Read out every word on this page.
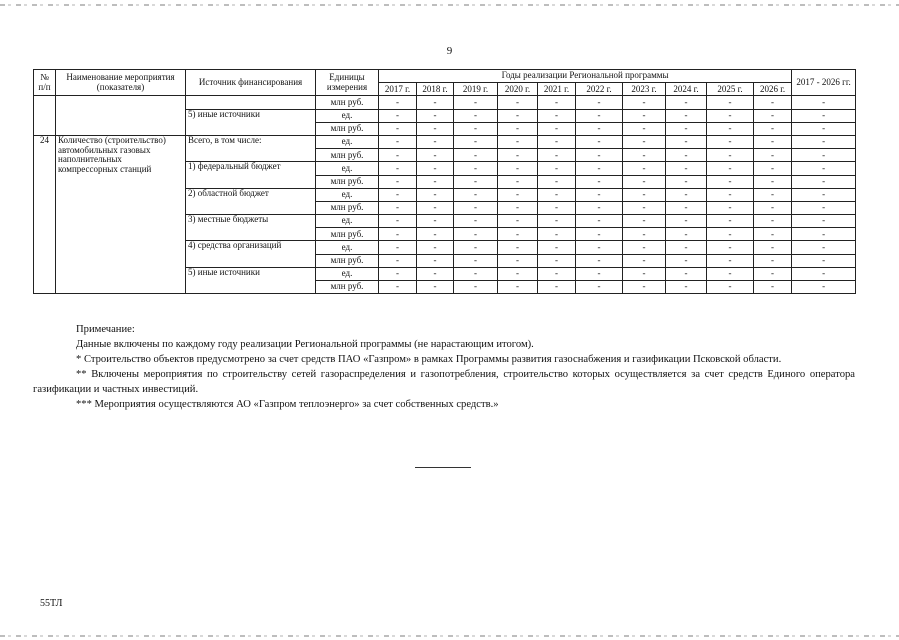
9
№ п/п	Наименование мероприятия (показателя)	Источник финансирования	Единицы измерения	Годы реализации Региональной программы										2017 - 2026 гг.
				2017 г.	2018 г.	2019 г.	2020 г.	2021 г.	2022 г.	2023 г.	2024 г.	2025 г.	2026 г.	
			млн руб.	-	-	-	-	-	-	-	-	-	-	-
		5) иные источники	ед.	-	-	-	-	-	-	-	-	-	-	-
			млн руб.	-	-	-	-	-	-	-	-	-	-	-
24	Количество (строительство) автомобильных газовых наполнительных компрессорных станций	Всего, в том числе:	ед.	-	-	-	-	-	-	-	-	-	-	-
			млн руб.	-	-	-	-	-	-	-	-	-	-	-
		1) федеральный бюджет	ед.	-	-	-	-	-	-	-	-	-	-	-
			млн руб.	-	-	-	-	-	-	-	-	-	-	-
		2) областной бюджет	ед.	-	-	-	-	-	-	-	-	-	-	-
			млн руб.	-	-	-	-	-	-	-	-	-	-	-
		3) местные бюджеты	ед.	-	-	-	-	-	-	-	-	-	-	-
			млн руб.	-	-	-	-	-	-	-	-	-	-	-
		4) средства организаций	ед.	-	-	-	-	-	-	-	-	-	-	-
			млн руб.	-	-	-	-	-	-	-	-	-	-	-
		5) иные источники	ед.	-	-	-	-	-	-	-	-	-	-	-
			млн руб.	-	-	-	-	-	-	-	-	-	-	-

Примечание:

Данные включены по каждому году реализации Региональной программы (не нарастающим итогом).

* Строительство объектов предусмотрено за счет средств ПАО «Газпром» в рамках Программы развития газоснабжения и газификации Псковской области.

** Включены мероприятия по строительству сетей газораспределения и газопотребления, строительство которых осуществляется за счет средств Единого оператора газификации и частных инвестиций.

*** Мероприятия осуществляются АО «Газпром теплоэнерго» за счет собственных средств.»

55ТЛ
